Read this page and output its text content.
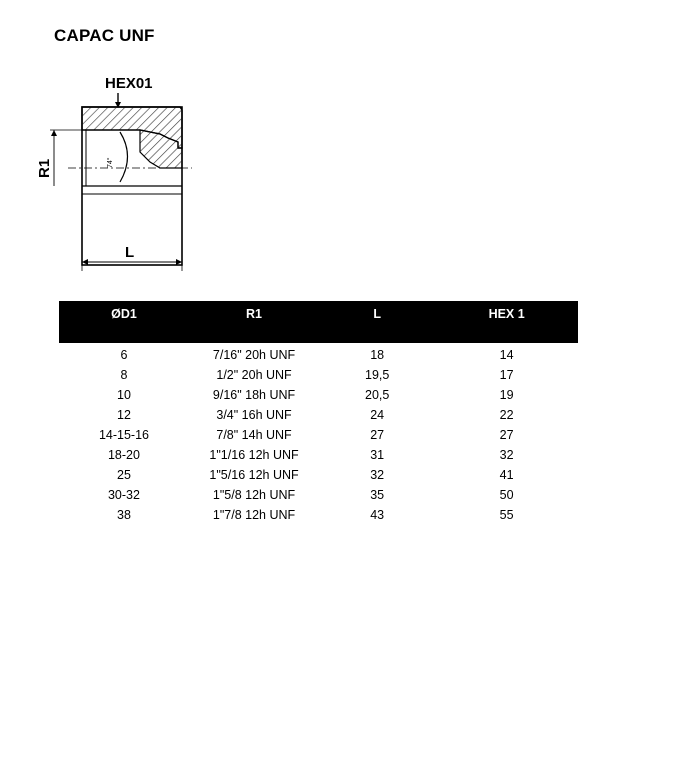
CAPAC UNF
HEX01
74°
R1
L
ØD1	R1	L	HEX 1
6	7/16" 20h UNF	18	14
8	1/2" 20h UNF	19,5	17
10	9/16" 18h UNF	20,5	19
12	3/4" 16h UNF	24	22
14-15-16	7/8" 14h UNF	27	27
18-20	1"1/16 12h UNF	31	32
25	1"5/16 12h UNF	32	41
30-32	1"5/8 12h UNF	35	50
38	1"7/8 12h UNF	43	55
